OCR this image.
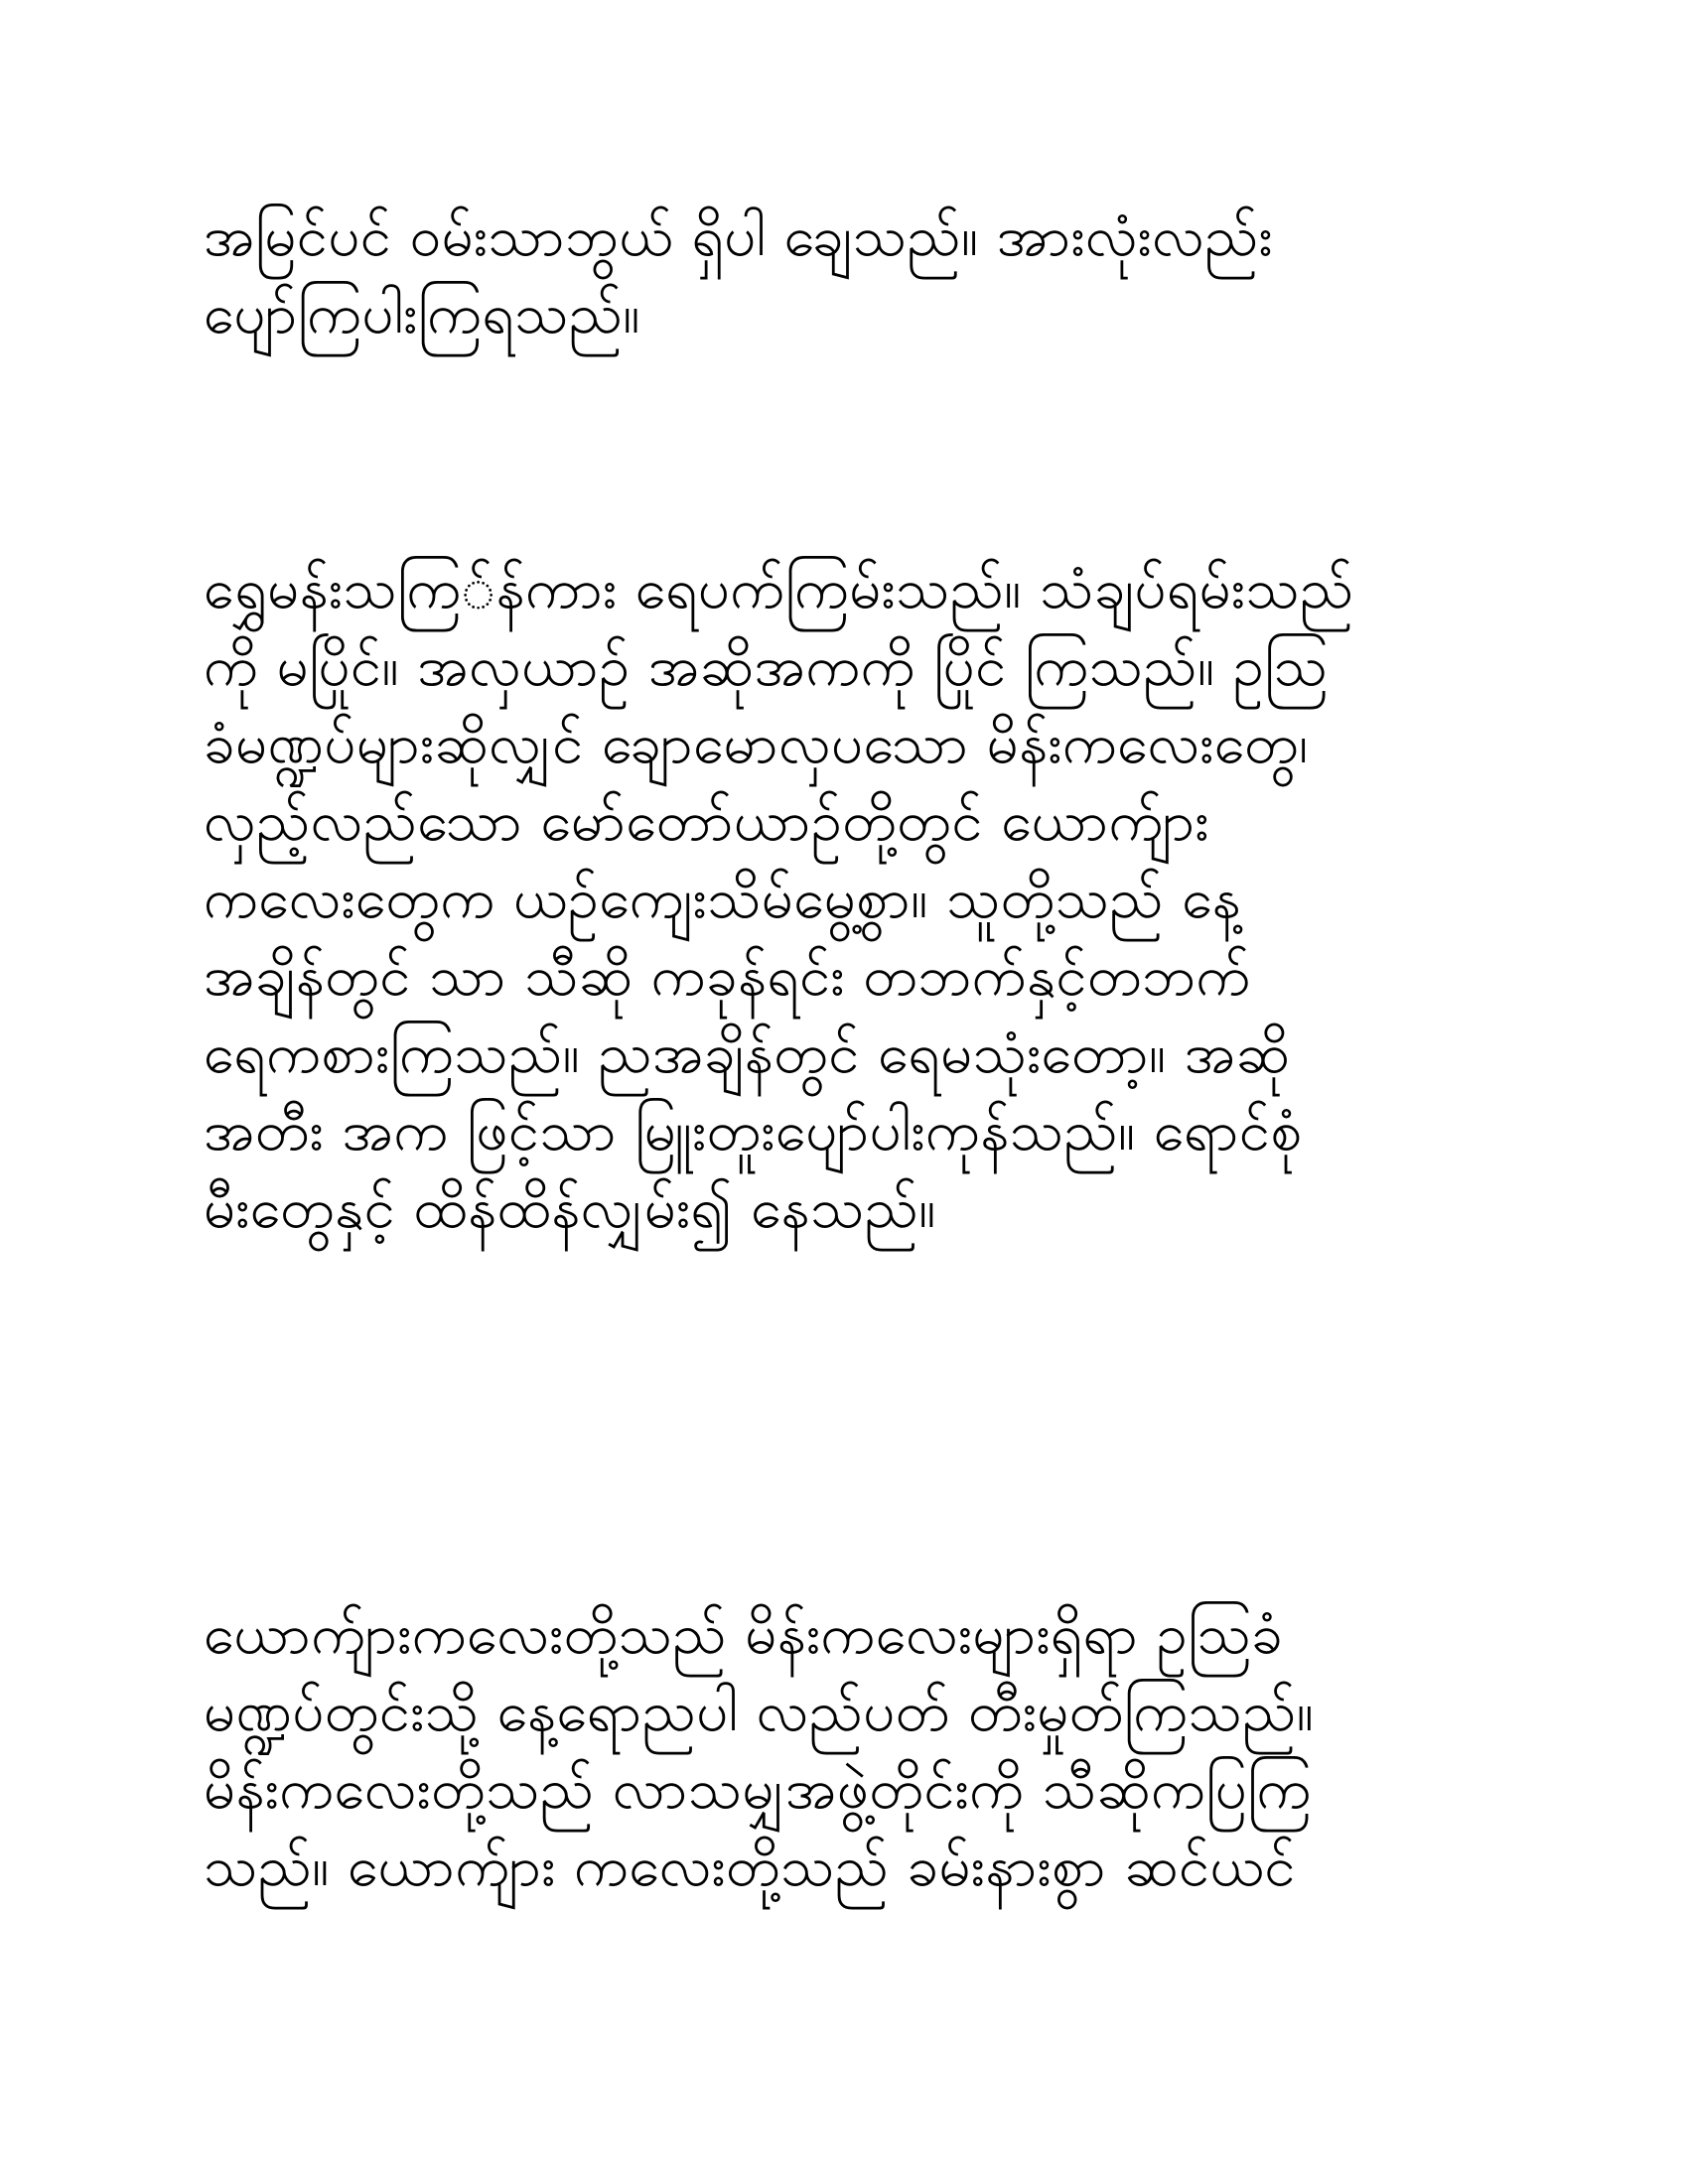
အမြင်ပင် ဝမ်းသာဘွယ် ရှိပါ ချေသည်။ အားလုံးလည်း
ပျော်ကြပါးကြရသည်။
ရွှေမန်းသကြ်န်ကား ရေပက်ကြမ်းသည်။ သံချပ်ရမ်းသည်
ကို မပြိုင်။ အလှယာဉ် အဆိုအကကို ပြိုင် ကြသည်။ ဥဩ
ခံမဏ္ဍပ်များဆိုလျှင် ချောမောလှပသော မိန်းကလေးတွေ၊
လှည့်လည်သော မော်တော်ယာဉ်တို့တွင် ယောက်ျား
ကလေးတွေက ယဉ်ကျေးသိမ်မွေ့စွာ။ သူတို့သည် နေ့
အချိန်တွင် သာ သီဆို ကခုန်ရင်း တဘက်နှင့်တဘက်
ရေကစားကြသည်။ ညအချိန်တွင် ရေမသုံးတော့။ အဆို
အတီး အက ဖြင့်သာ မြူးတူးပျော်ပါးကုန်သည်။ ရောင်စုံ
မီးတွေနှင့် ထိန်ထိန်လျှမ်း၍ နေသည်။
ယောက်ျားကလေးတို့သည် မိန်းကလေးများရှိရာ ဥဩခံ
မဏ္ဍပ်တွင်းသို့ နေ့ရောညပါ လည်ပတ် တီးမှုတ်ကြသည်။
မိန်းကလေးတို့သည် လာသမျှအဖွဲ့တိုင်းကို သီဆိုကပြကြ
သည်။ ယောက်ျား ကလေးတို့သည် ခမ်းနားစွာ ဆင်ယင်
